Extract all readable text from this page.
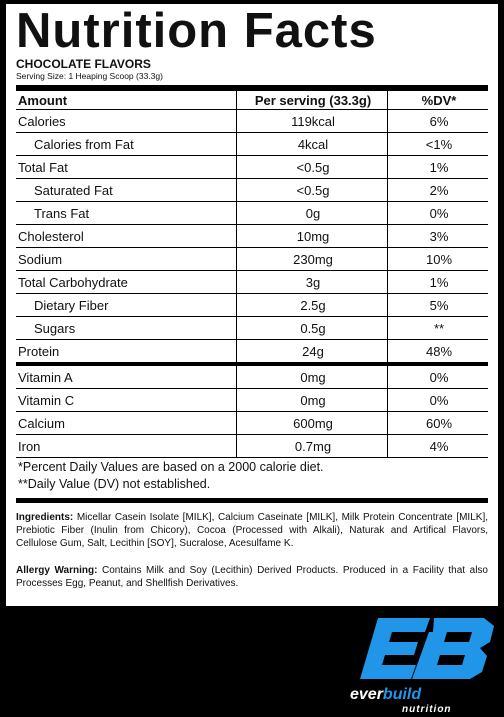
Nutrition Facts
CHOCOLATE FLAVORS
Serving Size: 1 Heaping Scoop (33.3g)
Amount	Per serving (33.3g)	%DV*
Calories	119kcal	6%
Calories from Fat	4kcal	<1%
Total Fat	<0.5g	1%
Saturated Fat	<0.5g	2%
Trans Fat	0g	0%
Cholesterol	10mg	3%
Sodium	230mg	10%
Total Carbohydrate	3g	1%
Dietary Fiber	2.5g	5%
Sugars	0.5g	**
Protein	24g	48%
Vitamin A	0mg	0%
Vitamin C	0mg	0%
Calcium	600mg	60%
Iron	0.7mg	4%
*Percent Daily Values are based on a 2000 calorie diet.
**Daily Value (DV) not established.
Ingredients: Micellar Casein Isolate [MILK], Calcium Caseinate [MILK], Milk Protein Concentrate [MILK], Prebiotic Fiber (Inulin from Chicory), Cocoa (Processed with Alkali), Naturak and Artifical Flavors, Cellulose Gum, Salt, Lecithin [SOY], Sucralose, Acesulfame K.
Allergy Warning: Contains Milk and Soy (Lecithin) Derived Products. Produced in a Facility that also Processes Egg, Peanut, and Shellfish Derivatives.
everbuild
nutrition
